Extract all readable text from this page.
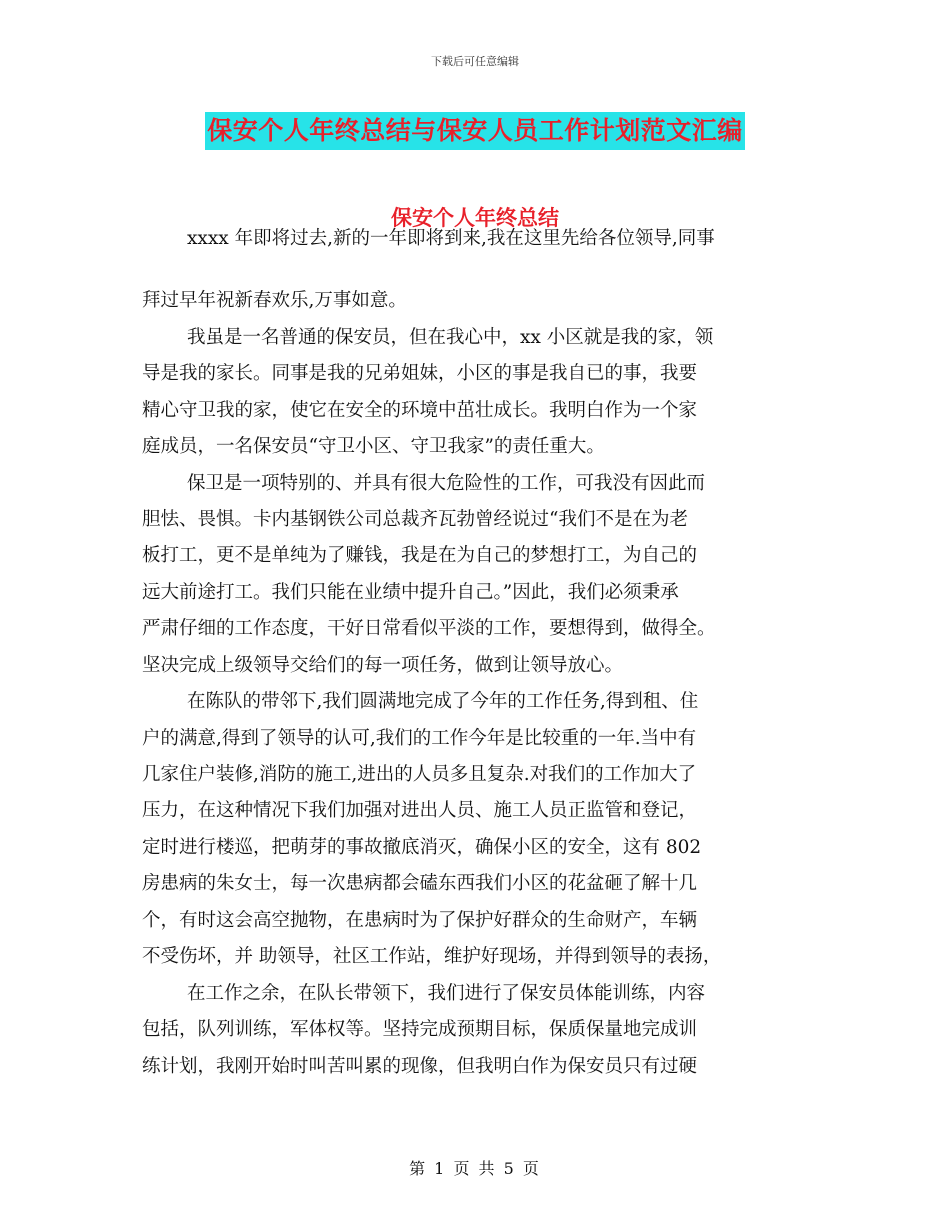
下载后可任意编辑
保安个人年终总结与保安人员工作计划范文汇编
保安个人年终总结
xxxx 年即将过去,新的一年即将到来,我在这里先给各位领导,同事
拜过早年祝新春欢乐,万事如意。
我虽是一名普通的保安员，但在我心中，xx 小区就是我的家，领
导是我的家长。同事是我的兄弟姐妹，小区的事是我自已的事，我要
精心守卫我的家，使它在安全的环境中茁壮成长。我明白作为一个家
庭成员，一名保安员“守卫小区、守卫我家”的责任重大。
保卫是一项特别的、并具有很大危险性的工作，可我没有因此而
胆怯、畏惧。卡内基钢铁公司总裁齐瓦勃曾经说过“我们不是在为老
板打工，更不是单纯为了赚钱，我是在为自己的梦想打工，为自己的
远大前途打工。我们只能在业绩中提升自己。”因此，我们必须秉承
严肃仔细的工作态度，干好日常看似平淡的工作，要想得到，做得全。
坚决完成上级领导交给们的每一项任务，做到让领导放心。
在陈队的带邻下,我们圆满地完成了今年的工作任务,得到租、住
户的满意,得到了领导的认可,我们的工作今年是比较重的一年.当中有
几家住户装修,消防的施工,进出的人员多且复杂.对我们的工作加大了
压力，在这种情况下我们加强对进出人员、施工人员正监管和登记，
定时进行楼巡，把萌芽的事故撤底消灭，确保小区的安全，这有 802
房患病的朱女士，每一次患病都会磕东西我们小区的花盆砸了解十几
个，有时这会高空抛物，在患病时为了保护好群众的生命财产，车辆
不受伤坏，并 助领导，社区工作站，维护好现场，并得到领导的表扬，
在工作之余，在队长带领下，我们进行了保安员体能训练，内容
包括，队列训练，军体权等。坚持完成预期目标，保质保量地完成训
练计划，我刚开始时叫苦叫累的现像，但我明白作为保安员只有过硬
第 1 页 共 5 页
